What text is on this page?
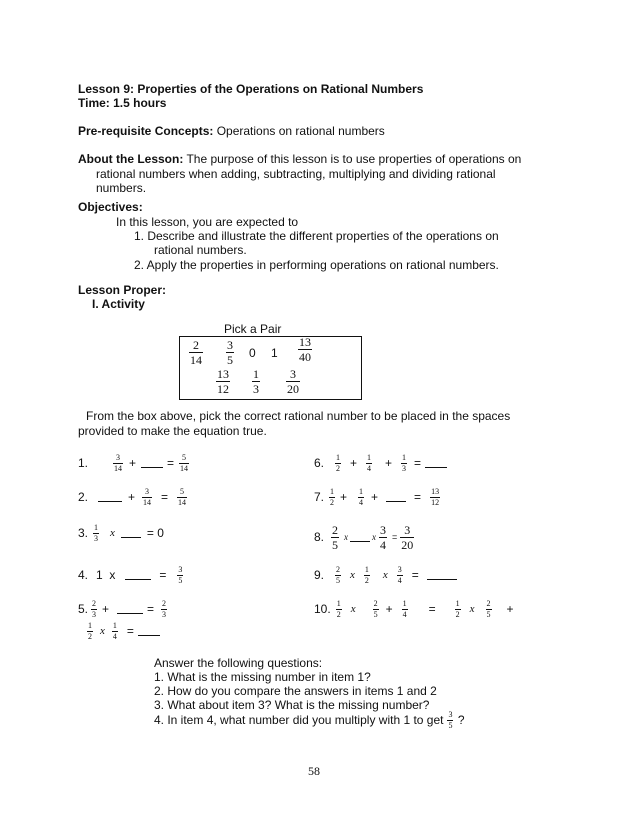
Lesson 9: Properties of the Operations on Rational Numbers
Time: 1.5 hours
Pre-requisite Concepts: Operations on rational numbers
About the Lesson: The purpose of this lesson is to use properties of operations on
rational numbers when adding, subtracting, multiplying and dividing rational
numbers.
Objectives:
In this lesson, you are expected to
1. Describe and illustrate the different properties of the operations on
rational numbers.
2. Apply the properties in performing operations on rational numbers.
Lesson Proper:
I. Activity
Pick a Pair
$\frac{2}{14} \frac{3}{5} 0$ $1 \frac{13}{40}$
$\frac{13}{12} \frac{1}{3} \frac{3}{20}$
From the box above, pick the correct rational number to be placed in the spaces
provided to make the equation true.
1.	$\frac{3}{14}$ +	= $\frac{5}{14}$
2.	+ $\frac{3}{14} = \frac{5}{14}$
3. $\frac{1}{3}$ x	= 0
4. 1  x	= $\frac{3}{5}$
5. $\frac{2}{3}$ +	= $\frac{2}{3}$
$\frac{1}{2}$ x $\frac{1}{4}$ =
6. $\frac{1}{2} + \frac{1}{4} + \frac{1}{3}$ =
7. $\frac{1}{2} + \frac{1}{4}$ +	= $\frac{13}{12}$
8. $\frac{2}{5}$ x	x $\frac{3}{4} = \frac{3}{20}$
9. $\frac{2}{5}$ x $\frac{1}{2}$ x $\frac{3}{4}$ =
10. $\frac{1}{2}$ x $\frac{2}{5} + \frac{1}{4} = \frac{1}{2}$ x $\frac{2}{5}$ +
Answer the following questions:
1. What is the missing number in item 1?
2. How do you compare the answers in items 1 and 2
3. What about item 3? What is the missing number?
4. In item 4, what number did you multiply with 1 to get $\frac{3}{5}$ ?
58
